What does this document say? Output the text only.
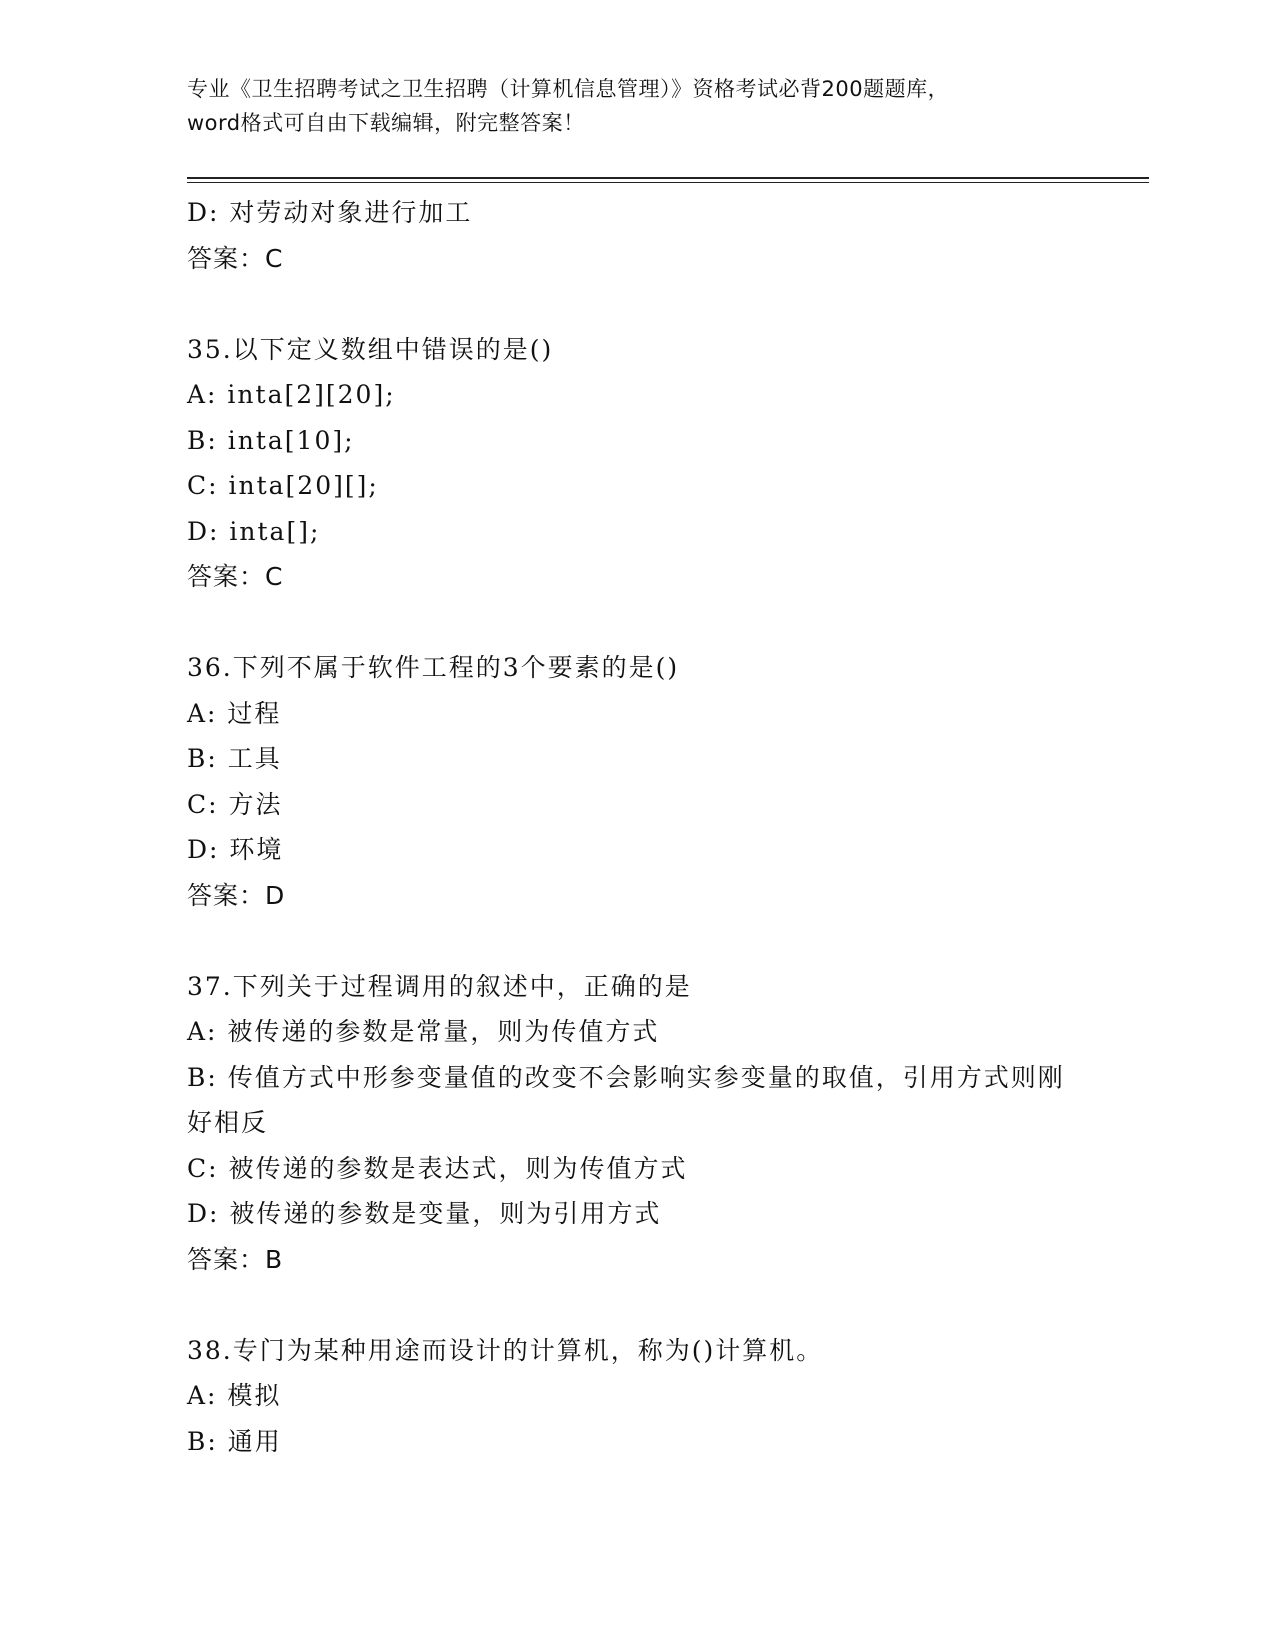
专业《卫生招聘考试之卫生招聘（计算机信息管理）》资格考试必背200题题库，
word格式可自由下载编辑，附完整答案！

D: 对劳动对象进行加工

答案：C

35.以下定义数组中错误的是()

A: inta[2][20];

B: inta[10];

C: inta[20][];

D: inta[];

答案：C

36.下列不属于软件工程的3个要素的是()

A: 过程

B: 工具

C: 方法

D: 环境

答案：D

37.下列关于过程调用的叙述中，正确的是

A: 被传递的参数是常量，则为传值方式

B: 传值方式中形参变量值的改变不会影响实参变量的取值，引用方式则刚好相反

C: 被传递的参数是表达式，则为传值方式

D: 被传递的参数是变量，则为引用方式

答案：B

38.专门为某种用途而设计的计算机，称为()计算机。

A: 模拟

B: 通用
